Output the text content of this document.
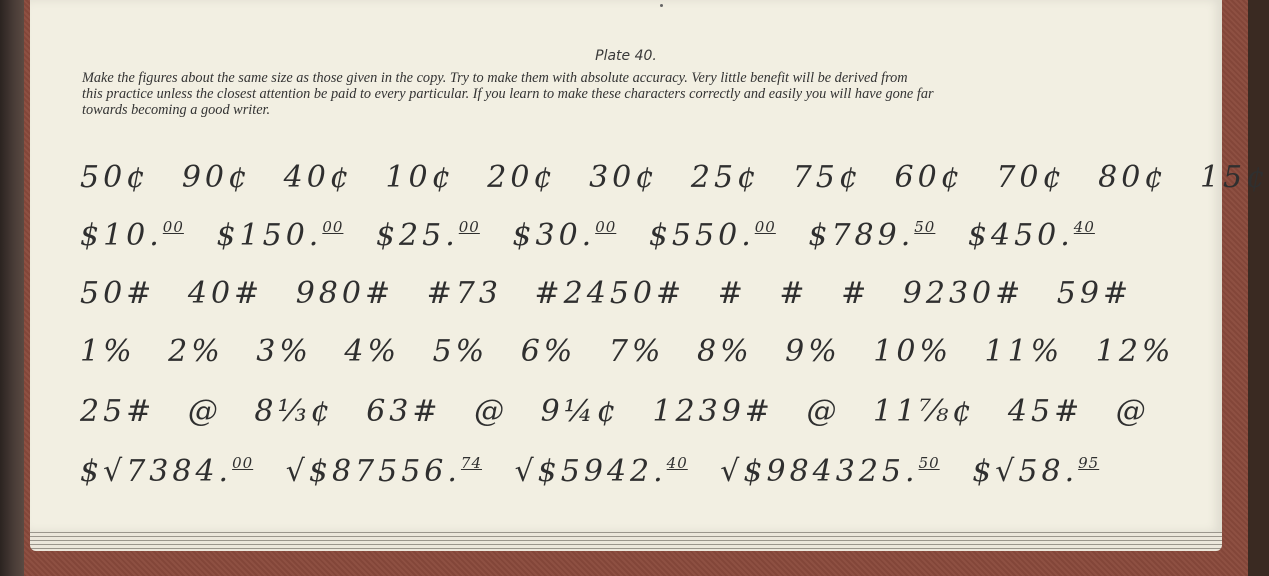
Plate 40.
Make the figures about the same size as those given in the copy. Try to make them with absolute accuracy. Very little benefit will be derived from
this practice unless the closest attention be paid to every particular. If you learn to make these characters correctly and easily you will have gone far
towards becoming a good writer.
50¢ 90¢ 40¢ 10¢ 20¢ 30¢ 25¢ 75¢ 60¢ 70¢ 80¢ 15¢
$10.00 $150.00 $25.00 $30.00 $550.00 $789.50 $450.40
50# 40# 980# #73 #2450# # # # 9230# 59#
1% 2% 3% 4% 5% 6% 7% 8% 9% 10% 11% 12%
25# @ 8⅓¢ 63# @ 9¼¢ 1239# @ 11⅞¢ 45# @
$√7384.00 √$87556.74 √$5942.40 √$984325.50 $√58.95
